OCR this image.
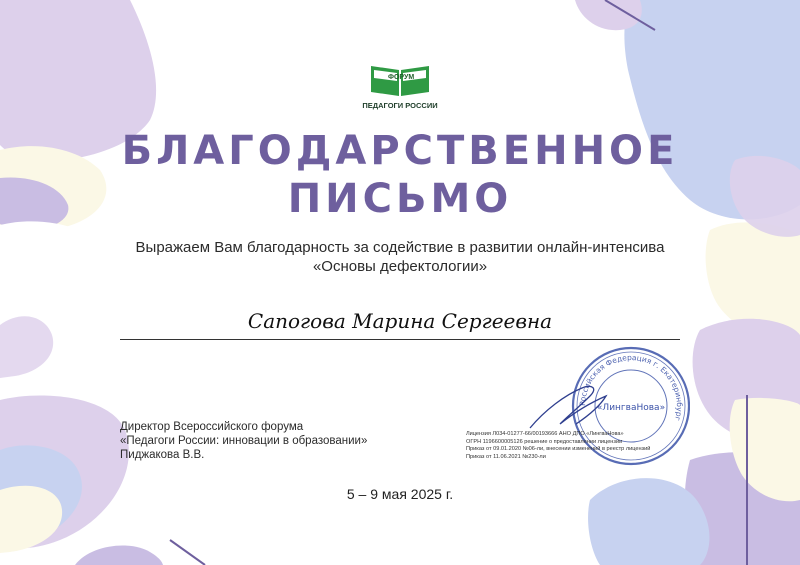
ФОРУМ
ПЕДАГОГИ РОССИИ
БЛАГОДАРСТВЕННОЕ
ПИСЬМО
Выражаем Вам благодарность за содействие в развитии онлайн-интенсива
«Основы дефектологии»
Сапогова Марина Сергеевна
Директор Всероссийского форума
«Педагоги России: инновации в образовании»
Пиджакова В.В.
Российская Федерация г. Екатеринбург
«ЛингваНова»
Лицензия Л034-01277-66/00193666 АНО ДПО «ЛингваНова»
ОГРН 1196600005126 решение о предоставлении лицензии
Приказ от 09.01.2020 №06-ли, внесении изменений в реестр лицензий
Приказ от 11.06.2021 №230-ли
5 – 9 мая 2025 г.
